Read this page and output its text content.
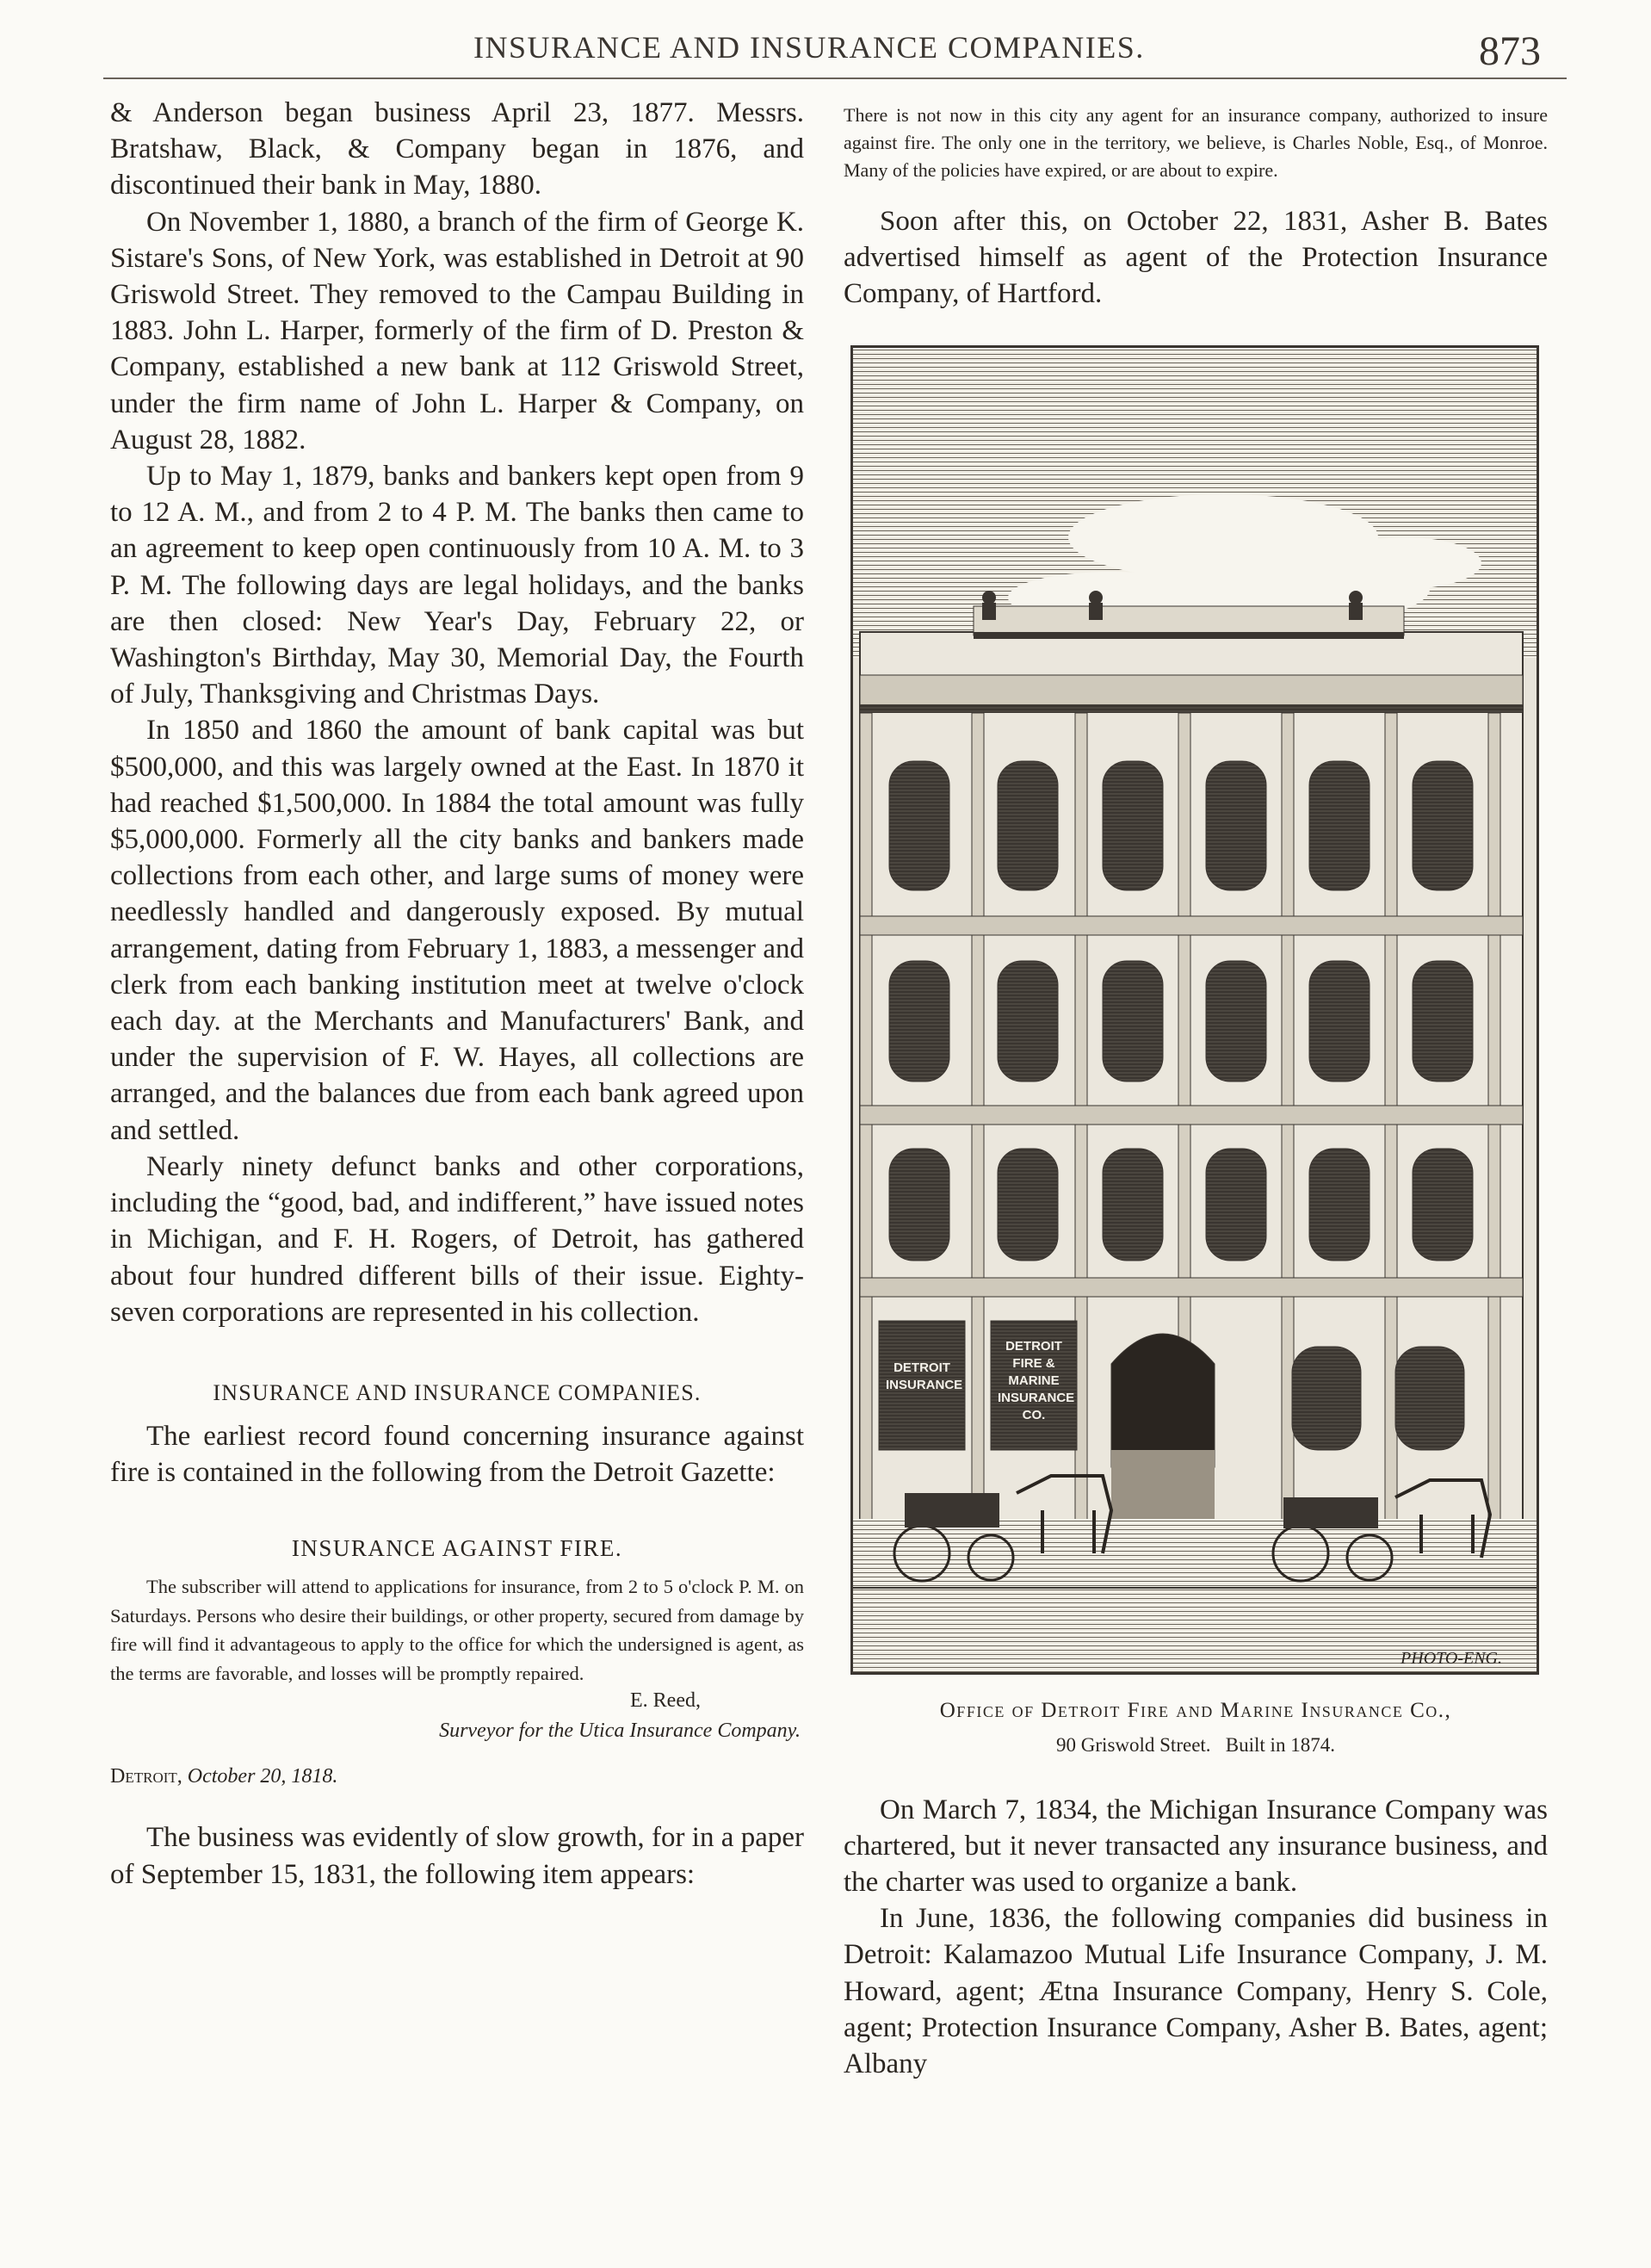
INSURANCE AND INSURANCE COMPANIES.	873

& Anderson began business April 23, 1877. Messrs. Bratshaw, Black, & Company began in 1876, and discontinued their bank in May, 1880.

On November 1, 1880, a branch of the firm of George K. Sistare's Sons, of New York, was established in Detroit at 90 Griswold Street. They removed to the Campau Building in 1883. John L. Harper, formerly of the firm of D. Preston & Company, established a new bank at 112 Griswold Street, under the firm name of John L. Harper & Company, on August 28, 1882.

Up to May 1, 1879, banks and bankers kept open from 9 to 12 A. M., and from 2 to 4 P. M. The banks then came to an agreement to keep open continuously from 10 A. M. to 3 P. M. The following days are legal holidays, and the banks are then closed: New Year's Day, February 22, or Washington's Birthday, May 30, Memorial Day, the Fourth of July, Thanksgiving and Christmas Days.

In 1850 and 1860 the amount of bank capital was but $500,000, and this was largely owned at the East. In 1870 it had reached $1,500,000. In 1884 the total amount was fully $5,000,000. Formerly all the city banks and bankers made collections from each other, and large sums of money were needlessly handled and dangerously exposed. By mutual arrangement, dating from February 1, 1883, a messenger and clerk from each banking institution meet at twelve o'clock each day. at the Merchants and Manufacturers' Bank, and under the supervision of F. W. Hayes, all collections are arranged, and the balances due from each bank agreed upon and settled.

Nearly ninety defunct banks and other corporations, including the “good, bad, and indifferent,” have issued notes in Michigan, and F. H. Rogers, of Detroit, has gathered about four hundred different bills of their issue. Eighty-seven corporations are represented in his collection.

INSURANCE AND INSURANCE COMPANIES.

The earliest record found concerning insurance against fire is contained in the following from the Detroit Gazette:

INSURANCE AGAINST FIRE.

The subscriber will attend to applications for insurance, from 2 to 5 o'clock P. M. on Saturdays. Persons who desire their buildings, or other property, secured from damage by fire will find it advantageous to apply to the office for which the undersigned is agent, as the terms are favorable, and losses will be promptly repaired.

E. Reed,
Surveyor for the Utica Insurance Company.
Detroit, October 20, 1818.

The business was evidently of slow growth, for in a paper of September 15, 1831, the following item appears:

There is not now in this city any agent for an insurance company, authorized to insure against fire. The only one in the territory, we believe, is Charles Noble, Esq., of Monroe. Many of the policies have expired, or are about to expire.

Soon after this, on October 22, 1831, Asher B. Bates advertised himself as agent of the Protection Insurance Company, of Hartford.

DETROIT INSURANCE
DETROIT
FIRE &
MARINE
INSURANCE
CO.
PHOTO-ENG.
Office of Detroit Fire and Marine Insurance Co.,
90 Griswold Street.   Built in 1874.

On March 7, 1834, the Michigan Insurance Company was chartered, but it never transacted any insurance business, and the charter was used to organize a bank.

In June, 1836, the following companies did business in Detroit: Kalamazoo Mutual Life Insurance Company, J. M. Howard, agent; Ætna Insurance Company, Henry S. Cole, agent; Protection Insurance Company, Asher B. Bates, agent; Albany
